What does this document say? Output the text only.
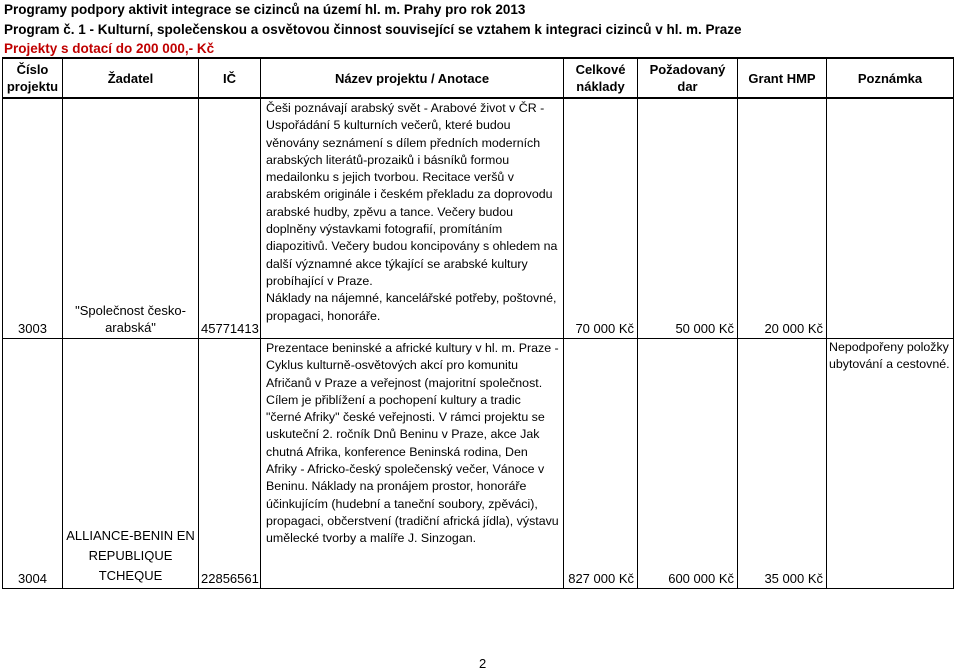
Programy podpory aktivit integrace se cizinců na území hl. m. Prahy pro rok 2013
Program č. 1 - Kulturní, společenskou a osvětovou činnost související se vztahem k integraci cizinců v hl. m. Praze
Projekty s dotací do 200 000,- Kč
Číslo projektu	Žadatel	IČ	Název projektu / Anotace	Celkové náklady	Požadovaný dar	Grant HMP	Poznámka
3003	"Společnost česko-arabská"	45771413	Češi poznávají arabský svět - Arabové život v ČR - Uspořádání 5 kulturních večerů, které budou věnovány seznámení s dílem předních moderních arabských literátů-prozaiků i básníků formou medailonku s jejich tvorbou. Recitace veršů v arabském originále i českém překladu za doprovodu arabské hudby, zpěvu a tance. Večery budou doplněny výstavkami fotografií, promítáním diapozitivů. Večery budou koncipovány s ohledem na další významné akce týkající se arabské kultury probíhající v Praze.
Náklady na nájemné, kancelářské potřeby, poštovné, propagaci, honoráře.	70 000 Kč	50 000 Kč	20 000 Kč	
3004	ALLIANCE-BENIN EN REPUBLIQUE TCHEQUE	22856561	Prezentace beninské a africké kultury v hl. m. Praze - Cyklus kulturně-osvětových akcí pro komunitu Afričanů v Praze a veřejnost (majoritní společnost. Cílem je přiblížení a pochopení kultury a tradic "černé Afriky" české veřejnosti. V rámci projektu se uskuteční 2. ročník Dnů Beninu v Praze, akce Jak chutná Afrika, konference Beninská rodina, Den Afriky - Africko-český společenský večer, Vánoce v Beninu. Náklady na pronájem prostor, honoráře účinkujícím (hudební a taneční soubory, zpěváci), propagaci, občerstvení (tradiční africká jídla), výstavu umělecké tvorby a malíře J. Sinzogan.	827 000 Kč	600 000 Kč	35 000 Kč	Nepodpořeny položky ubytování a cestovné.
2
